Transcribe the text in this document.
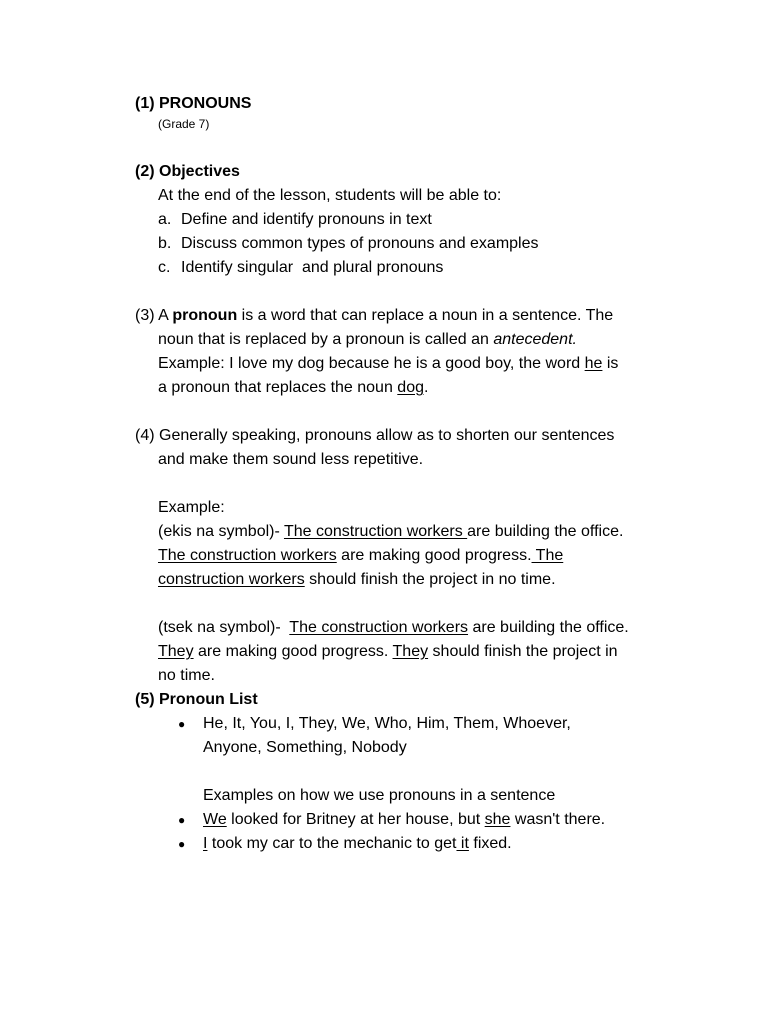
(1) PRONOUNS
(Grade 7)
(2) Objectives
At the end of the lesson, students will be able to:
a. Define and identify pronouns in text
b. Discuss common types of pronouns and examples
c. Identify singular  and plural pronouns
(3) A pronoun is a word that can replace a noun in a sentence. The
noun that is replaced by a pronoun is called an antecedent.
Example: I love my dog because he is a good boy, the word he is
a pronoun that replaces the noun dog.
(4) Generally speaking, pronouns allow as to shorten our sentences
and make them sound less repetitive.
Example:
(ekis na symbol)- The construction workers are building the office.
The construction workers are making good progress. The
construction workers should finish the project in no time.
(tsek na symbol)-  The construction workers are building the office.
They are making good progress. They should finish the project in
no time.
(5) Pronoun List
●	He, It, You, I, They, We, Who, Him, Them, Whoever,
Anyone, Something, Nobody
Examples on how we use pronouns in a sentence
●	We looked for Britney at her house, but she wasn't there.
●	I took my car to the mechanic to get it fixed.
